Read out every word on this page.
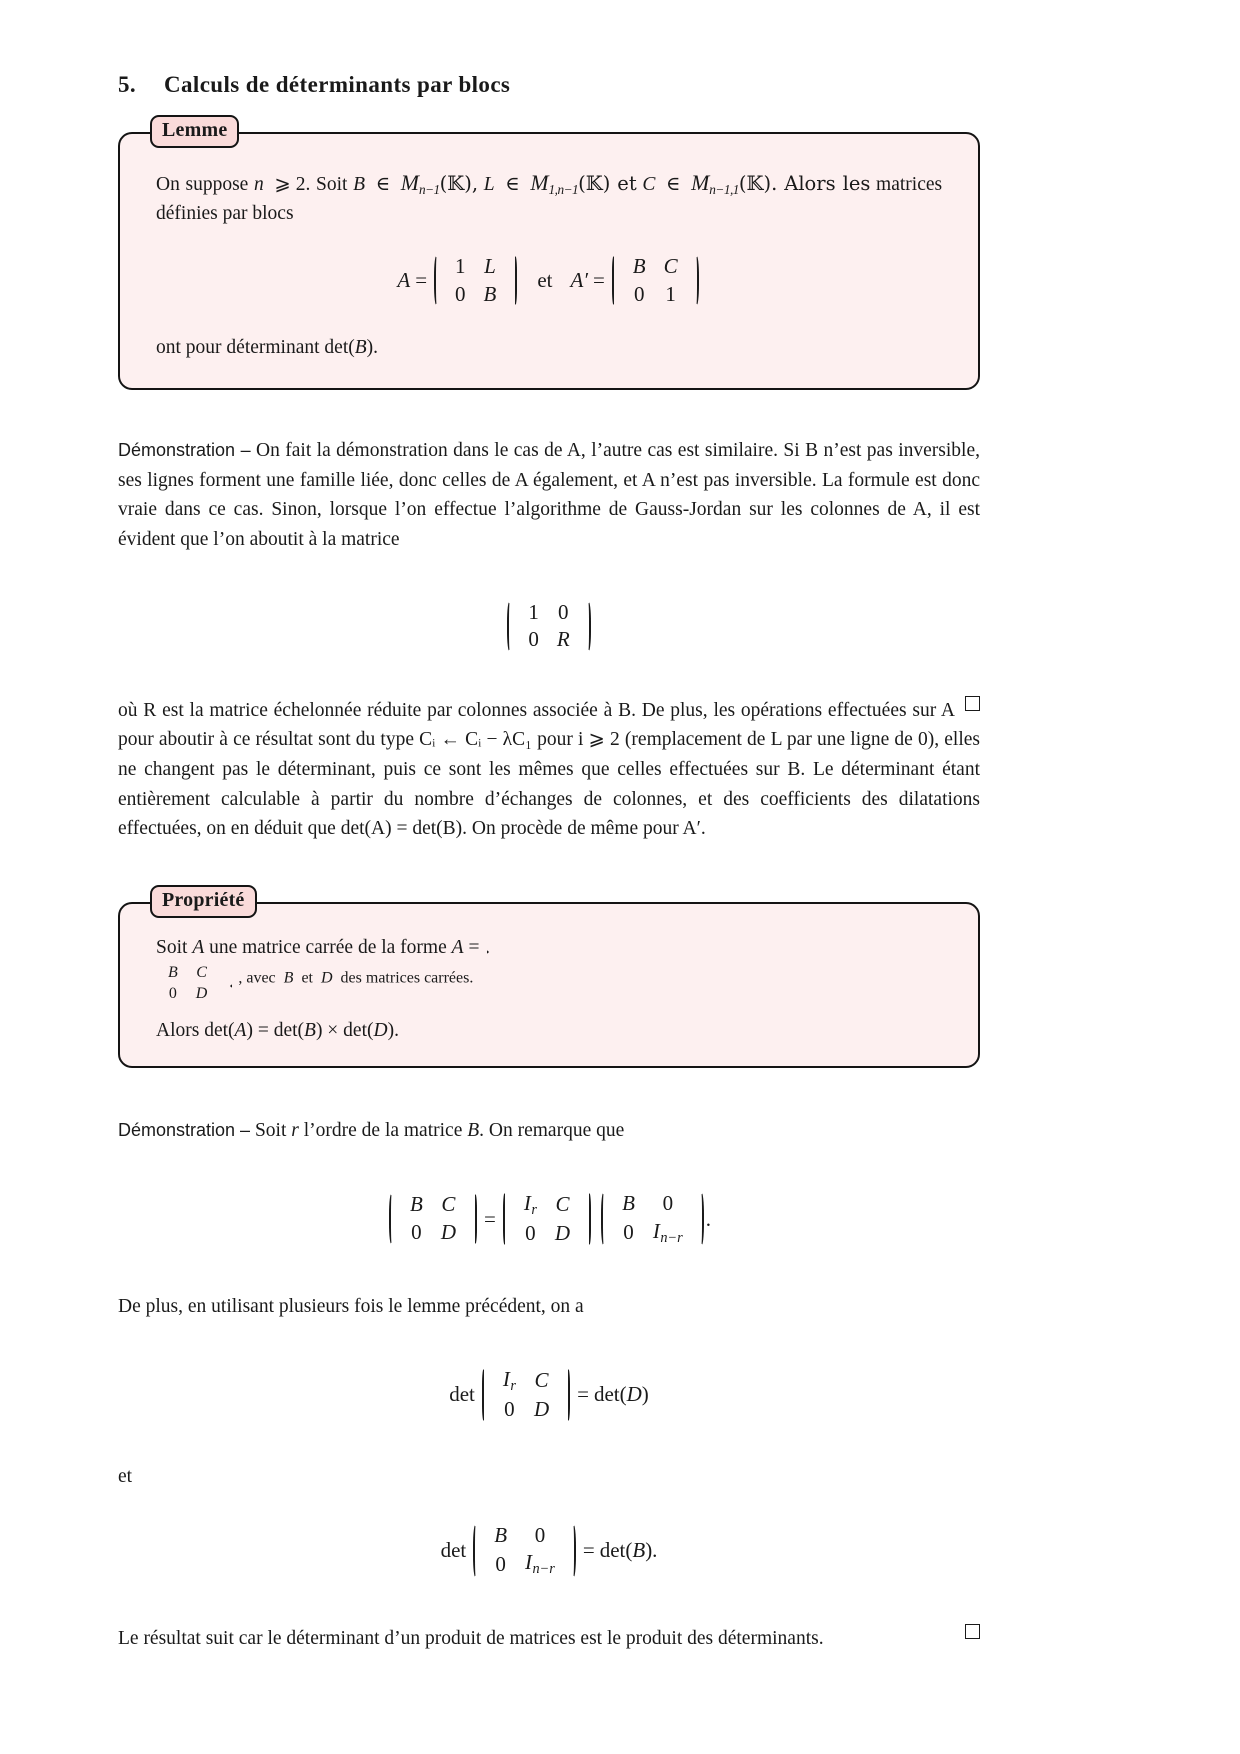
5.	Calculs de déterminants par blocs
Lemme

On suppose n ⩾ 2. Soit B ∈ $M_{n-1}(𝕂)$, L ∈ $M_{1,n-1}(𝕂)$ et C ∈ $M_{n-1,1}(𝕂)$. Alors les matrices définies par blocs

A =
1	L
0	B
et A′ =
B	C
0	1

ont pour déterminant det(B).

Démonstration – On fait la démonstration dans le cas de A, l’autre cas est similaire. Si B n’est pas inversible, ses lignes forment une famille liée, donc celles de A également, et A n’est pas inversible. La formule est donc vraie dans ce cas. Sinon, lorsque l’on effectue l’algorithme de Gauss-Jordan sur les colonnes de A, il est évident que l’on aboutit à la matrice

1	0
0	R

où R est la matrice échelonnée réduite par colonnes associée à B. De plus, les opérations effectuées sur A pour aboutir à ce résultat sont du type Cᵢ ← Cᵢ − λC₁ pour i ⩾ 2 (remplacement de L par une ligne de 0), elles ne changent pas le déterminant, puis ce sont les mêmes que celles effectuées sur B. Le déterminant étant entièrement calculable à partir du nombre d’échanges de colonnes, et des coefficients des dilatations effectuées, on en déduit que det(A) = det(B). On procède de même pour A′.

Propriété

Soit
A
une matrice carrée de la forme
A =

B	C
0	D  , avec B et D des matrices carrées.

Alors det(A) = det(B) × det(D).

Démonstration – Soit r l’ordre de la matrice B. On remarque que

B	C
0	D
=
$I_r$	C
0	D
B	0
0	$I_{n-r}$
.

De plus, en utilisant plusieurs fois le lemme précédent, on a

det
$I_r$	C
0	D
= det(D)
et
det
B	0
0	$I_{n-r}$
= det(B).

Le résultat suit car le déterminant d’un produit de matrices est le produit des déterminants.
